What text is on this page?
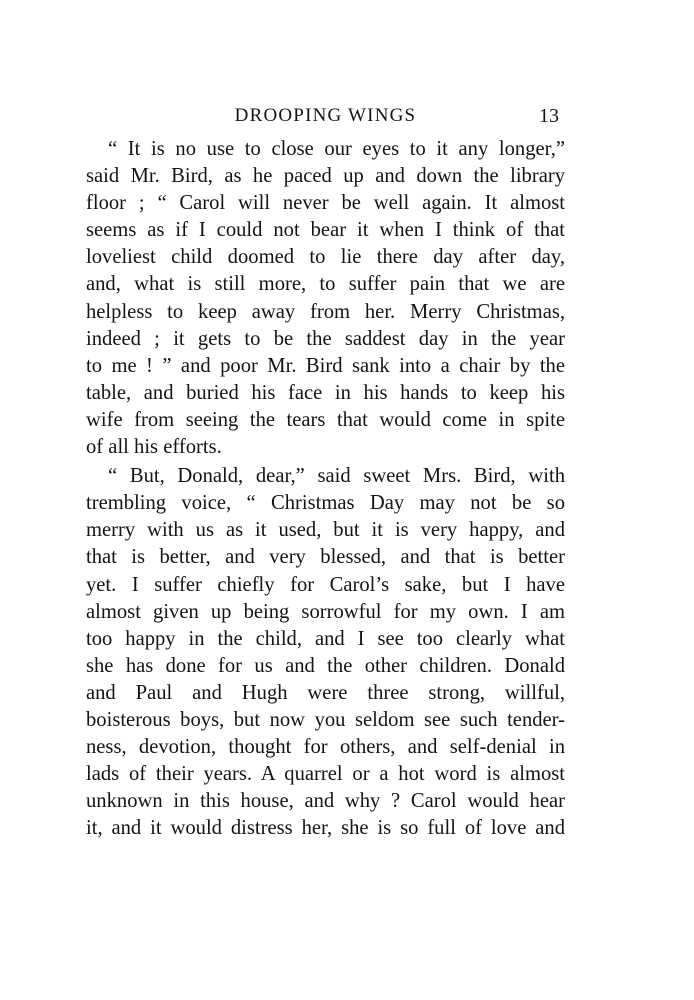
DROOPING WINGS	13
“ It is no use to close our eyes to it any longer,”
said Mr. Bird, as he paced up and down the library
floor ; “ Carol will never be well again. It almost
seems as if I could not bear it when I think of that
loveliest child doomed to lie there day after day,
and, what is still more, to suffer pain that we are
helpless to keep away from her. Merry Christmas,
indeed ; it gets to be the saddest day in the year
to me ! ” and poor Mr. Bird sank into a chair by the
table, and buried his face in his hands to keep his
wife from seeing the tears that would come in spite
of all his efforts.
“ But, Donald, dear,” said sweet Mrs. Bird, with
trembling voice, “ Christmas Day may not be so
merry with us as it used, but it is very happy, and
that is better, and very blessed, and that is better
yet. I suffer chiefly for Carol’s sake, but I have
almost given up being sorrowful for my own. I am
too happy in the child, and I see too clearly what
she has done for us and the other children. Donald
and Paul and Hugh were three strong, willful,
boisterous boys, but now you seldom see such tender-
ness, devotion, thought for others, and self-denial in
lads of their years. A quarrel or a hot word is almost
unknown in this house, and why ? Carol would hear
it, and it would distress her, she is so full of love and
